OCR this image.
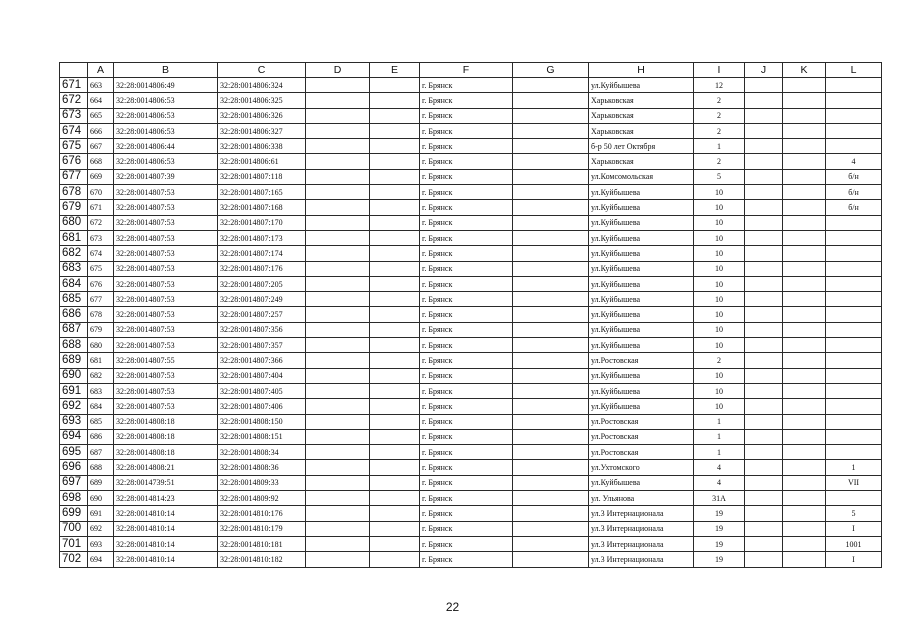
	A	B	C	D	E	F	G	H	I	J	K	L
671	663	32:28:0014806:49	32:28:0014806:324			г. Брянск		ул.Куйбышева	12			
672	664	32:28:0014806:53	32:28:0014806:325			г. Брянск		Харьковская	2			
673	665	32:28:0014806:53	32:28:0014806:326			г. Брянск		Харьковская	2			
674	666	32:28:0014806:53	32:28:0014806:327			г. Брянск		Харьковская	2			
675	667	32:28:0014806:44	32:28:0014806:338			г. Брянск		б-р 50 лет Октября	1			
676	668	32:28:0014806:53	32:28:0014806:61			г. Брянск		Харьковская	2			4
677	669	32:28:0014807:39	32:28:0014807:118			г. Брянск		ул.Комсомольская	5			б/н
678	670	32:28:0014807:53	32:28:0014807:165			г. Брянск		ул.Куйбышева	10			б/н
679	671	32:28:0014807:53	32:28:0014807:168			г. Брянск		ул.Куйбышева	10			б/н
680	672	32:28:0014807:53	32:28:0014807:170			г. Брянск		ул.Куйбышева	10			
681	673	32:28:0014807:53	32:28:0014807:173			г. Брянск		ул.Куйбышева	10			
682	674	32:28:0014807:53	32:28:0014807:174			г. Брянск		ул.Куйбышева	10			
683	675	32:28:0014807:53	32:28:0014807:176			г. Брянск		ул.Куйбышева	10			
684	676	32:28:0014807:53	32:28:0014807:205			г. Брянск		ул.Куйбышева	10			
685	677	32:28:0014807:53	32:28:0014807:249			г. Брянск		ул.Куйбышева	10			
686	678	32:28:0014807:53	32:28:0014807:257			г. Брянск		ул.Куйбышева	10			
687	679	32:28:0014807:53	32:28:0014807:356			г. Брянск		ул.Куйбышева	10			
688	680	32:28:0014807:53	32:28:0014807:357			г. Брянск		ул.Куйбышева	10			
689	681	32:28:0014807:55	32:28:0014807:366			г. Брянск		ул.Ростовская	2			
690	682	32:28:0014807:53	32:28:0014807:404			г. Брянск		ул.Куйбышева	10			
691	683	32:28:0014807:53	32:28:0014807:405			г. Брянск		ул.Куйбышева	10			
692	684	32:28:0014807:53	32:28:0014807:406			г. Брянск		ул.Куйбышева	10			
693	685	32:28:0014808:18	32:28:0014808:150			г. Брянск		ул.Ростовская	1			
694	686	32:28:0014808:18	32:28:0014808:151			г. Брянск		ул.Ростовская	1			
695	687	32:28:0014808:18	32:28:0014808:34			г. Брянск		ул.Ростовская	1			
696	688	32:28:0014808:21	32:28:0014808:36			г. Брянск		ул.Ухтомского	4			1
697	689	32:28:0014739:51	32:28:0014809:33			г. Брянск		ул.Куйбышева	4			VII
698	690	32:28:0014814:23	32:28:0014809:92			г. Брянск		ул. Ульянова	31А			
699	691	32:28:0014810:14	32:28:0014810:176			г. Брянск		ул.3 Интернационала	19			5
700	692	32:28:0014810:14	32:28:0014810:179			г. Брянск		ул.3 Интернационала	19			I
701	693	32:28:0014810:14	32:28:0014810:181			г. Брянск		ул.3 Интернационала	19			1001
702	694	32:28:0014810:14	32:28:0014810:182			г. Брянск		ул.3 Интернационала	19			I
22
